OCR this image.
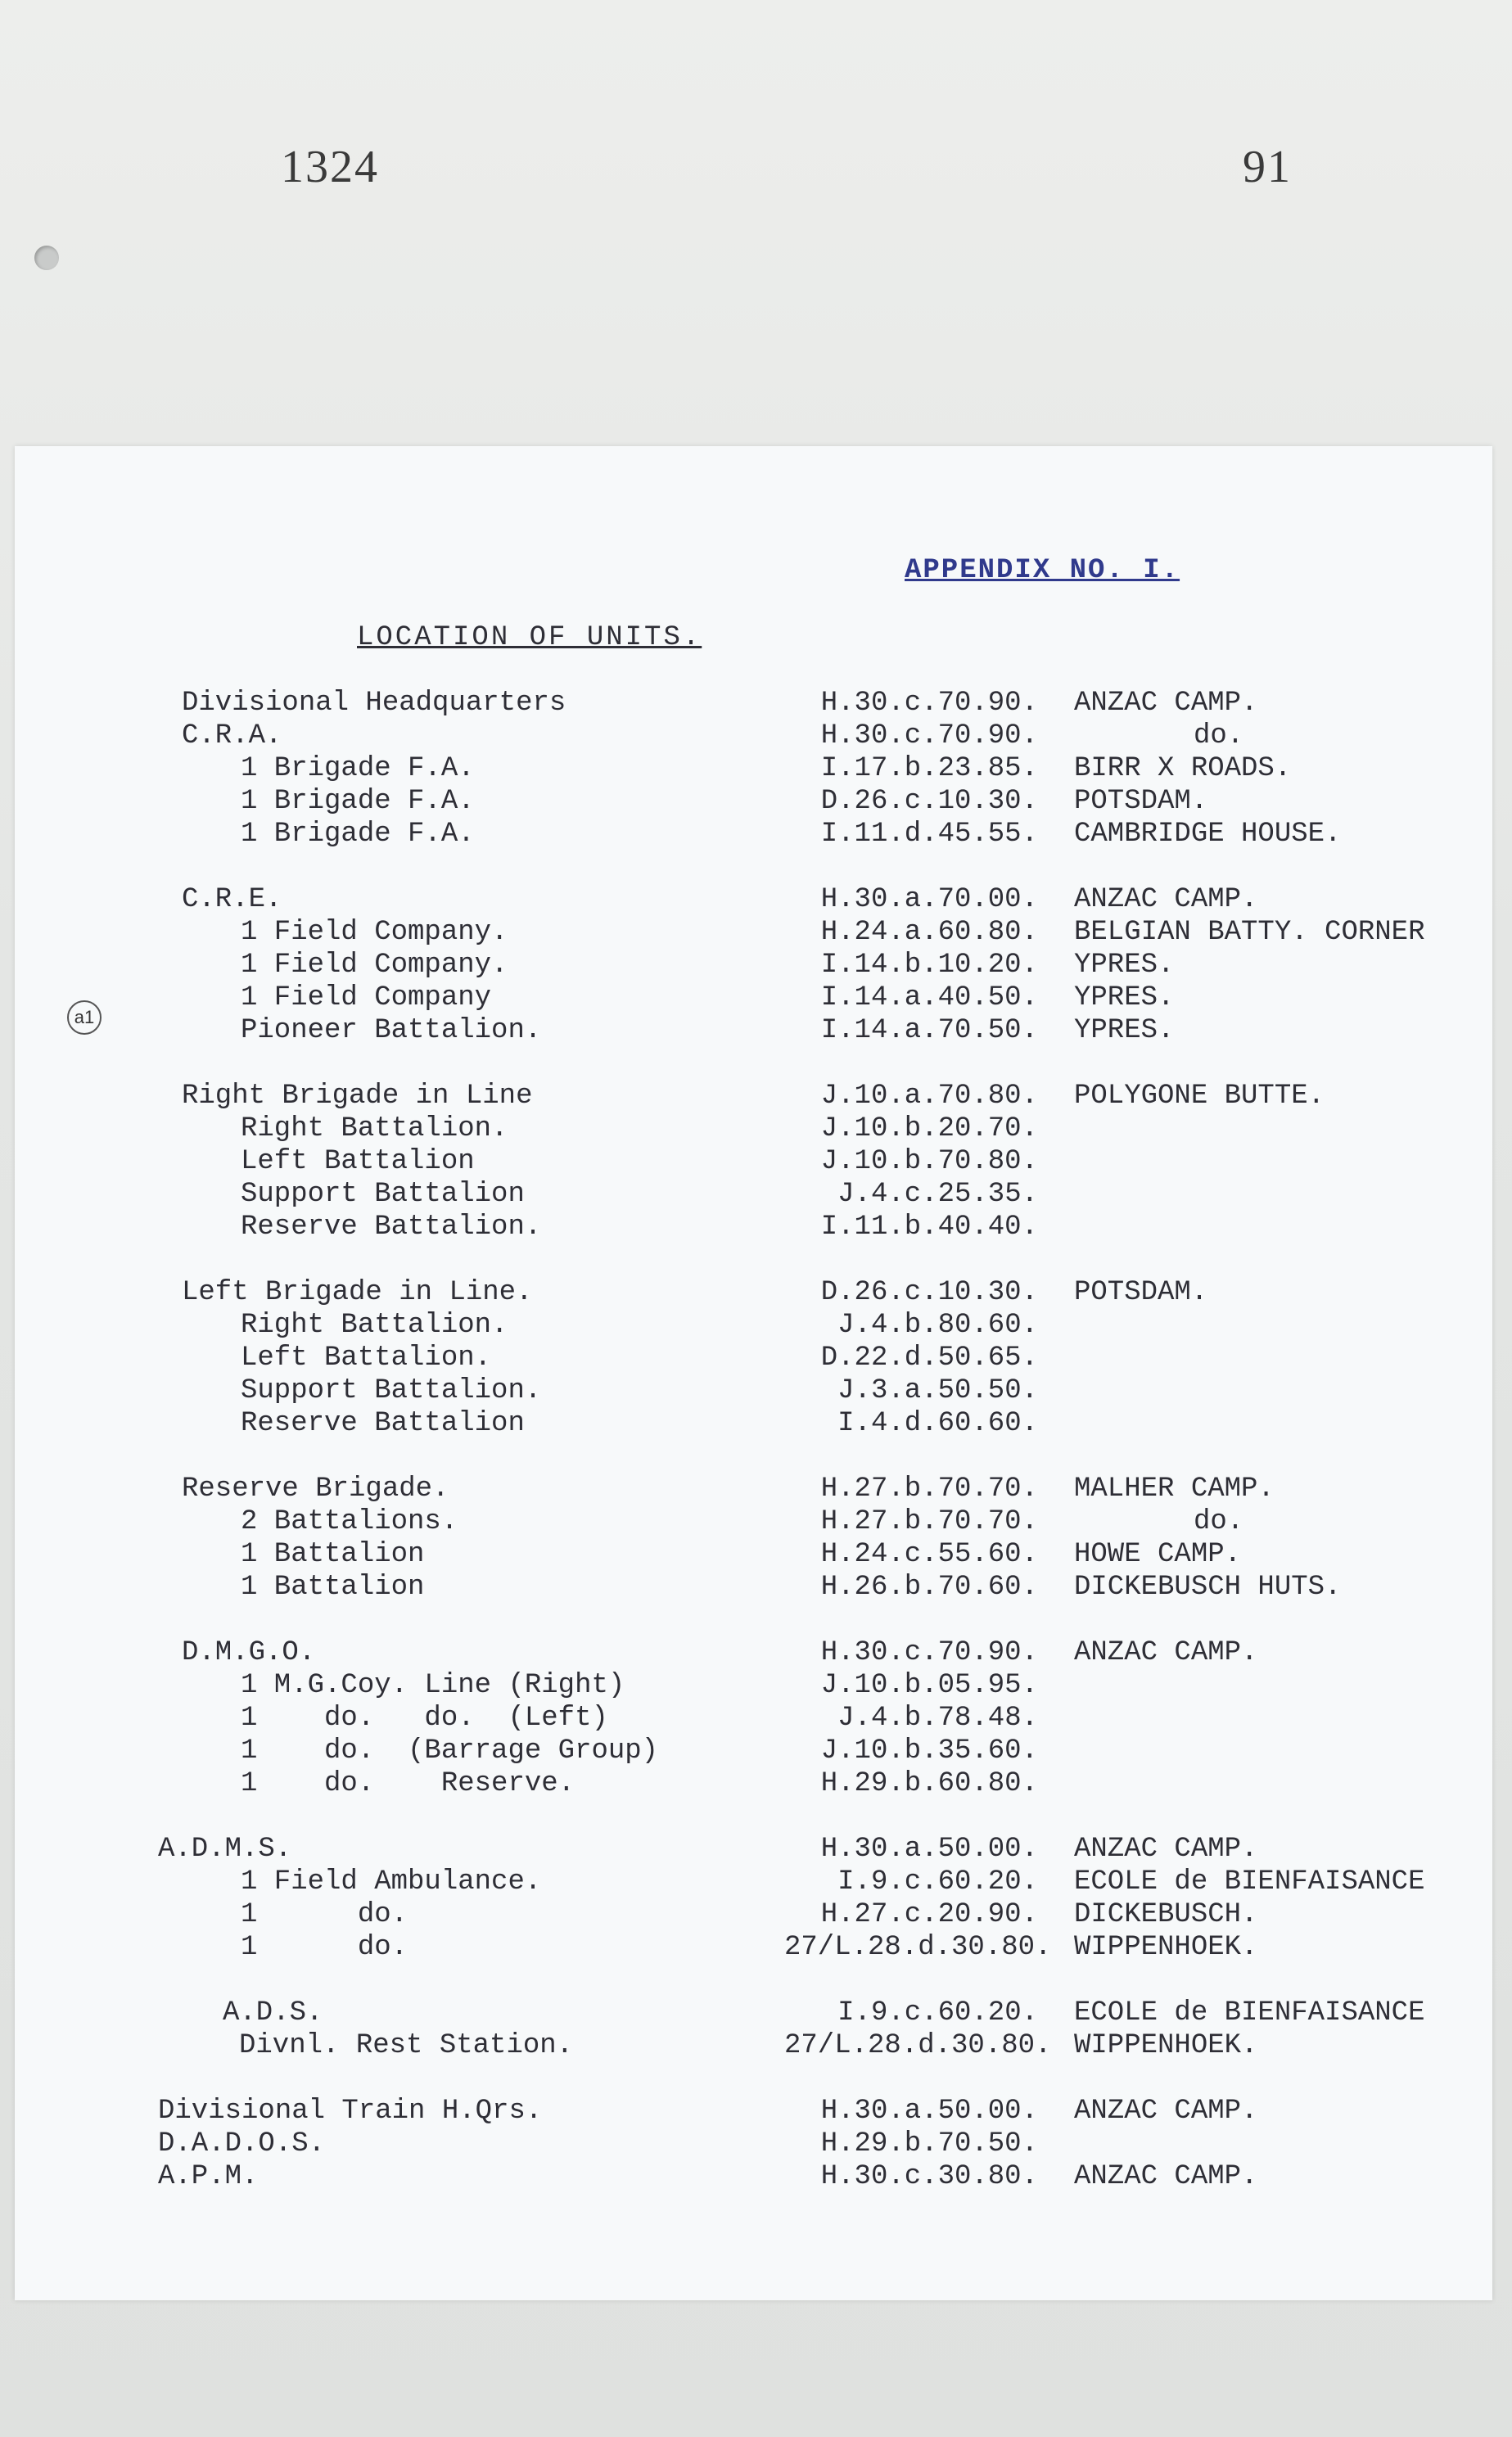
1324	91
APPENDIX NO. I.
LOCATION OF UNITS.
a1
Divisional Headquarters	H.30.c.70.90. ANZAC CAMP.
C.R.A.	H.30.c.70.90.	do.
1 Brigade F.A.	I.17.b.23.85. BIRR X ROADS.
1 Brigade F.A.	D.26.c.10.30. POTSDAM.
1 Brigade F.A.	I.11.d.45.55. CAMBRIDGE HOUSE.
C.R.E.	H.30.a.70.00. ANZAC CAMP.
1 Field Company.	H.24.a.60.80. BELGIAN BATTY. CORNER
1 Field Company.	I.14.b.10.20. YPRES.
1 Field Company	I.14.a.40.50. YPRES.
Pioneer Battalion.	I.14.a.70.50. YPRES.
Right Brigade in Line	J.10.a.70.80. POLYGONE BUTTE.
Right Battalion.	J.10.b.20.70.
Left Battalion	J.10.b.70.80.
Support Battalion	J.4.c.25.35.
Reserve Battalion.	I.11.b.40.40.
Left Brigade in Line.	D.26.c.10.30. POTSDAM.
Right Battalion.	J.4.b.80.60.
Left Battalion.	D.22.d.50.65.
Support Battalion.	J.3.a.50.50.
Reserve Battalion	I.4.d.60.60.
Reserve Brigade.	H.27.b.70.70. MALHER CAMP.
2 Battalions.	H.27.b.70.70.	do.
1 Battalion	H.24.c.55.60. HOWE CAMP.
1 Battalion	H.26.b.70.60. DICKEBUSCH HUTS.
D.M.G.O.	H.30.c.70.90. ANZAC CAMP.
1 M.G.Coy. Line (Right)	J.10.b.05.95.
1    do.   do.  (Left)	J.4.b.78.48.
1    do.  (Barrage Group)	J.10.b.35.60.
1    do.    Reserve.	H.29.b.60.80.
A.D.M.S.	H.30.a.50.00. ANZAC CAMP.
1 Field Ambulance.	I.9.c.60.20. ECOLE de BIENFAISANCE
1      do.	H.27.c.20.90. DICKEBUSCH.
1      do.	27/L.28.d.30.80. WIPPENHOEK.
A.D.S.	I.9.c.60.20. ECOLE de BIENFAISANCE
Divnl. Rest Station.	27/L.28.d.30.80. WIPPENHOEK.
Divisional Train H.Qrs.	H.30.a.50.00. ANZAC CAMP.
D.A.D.O.S.	H.29.b.70.50.
A.P.M.	H.30.c.30.80. ANZAC CAMP.
